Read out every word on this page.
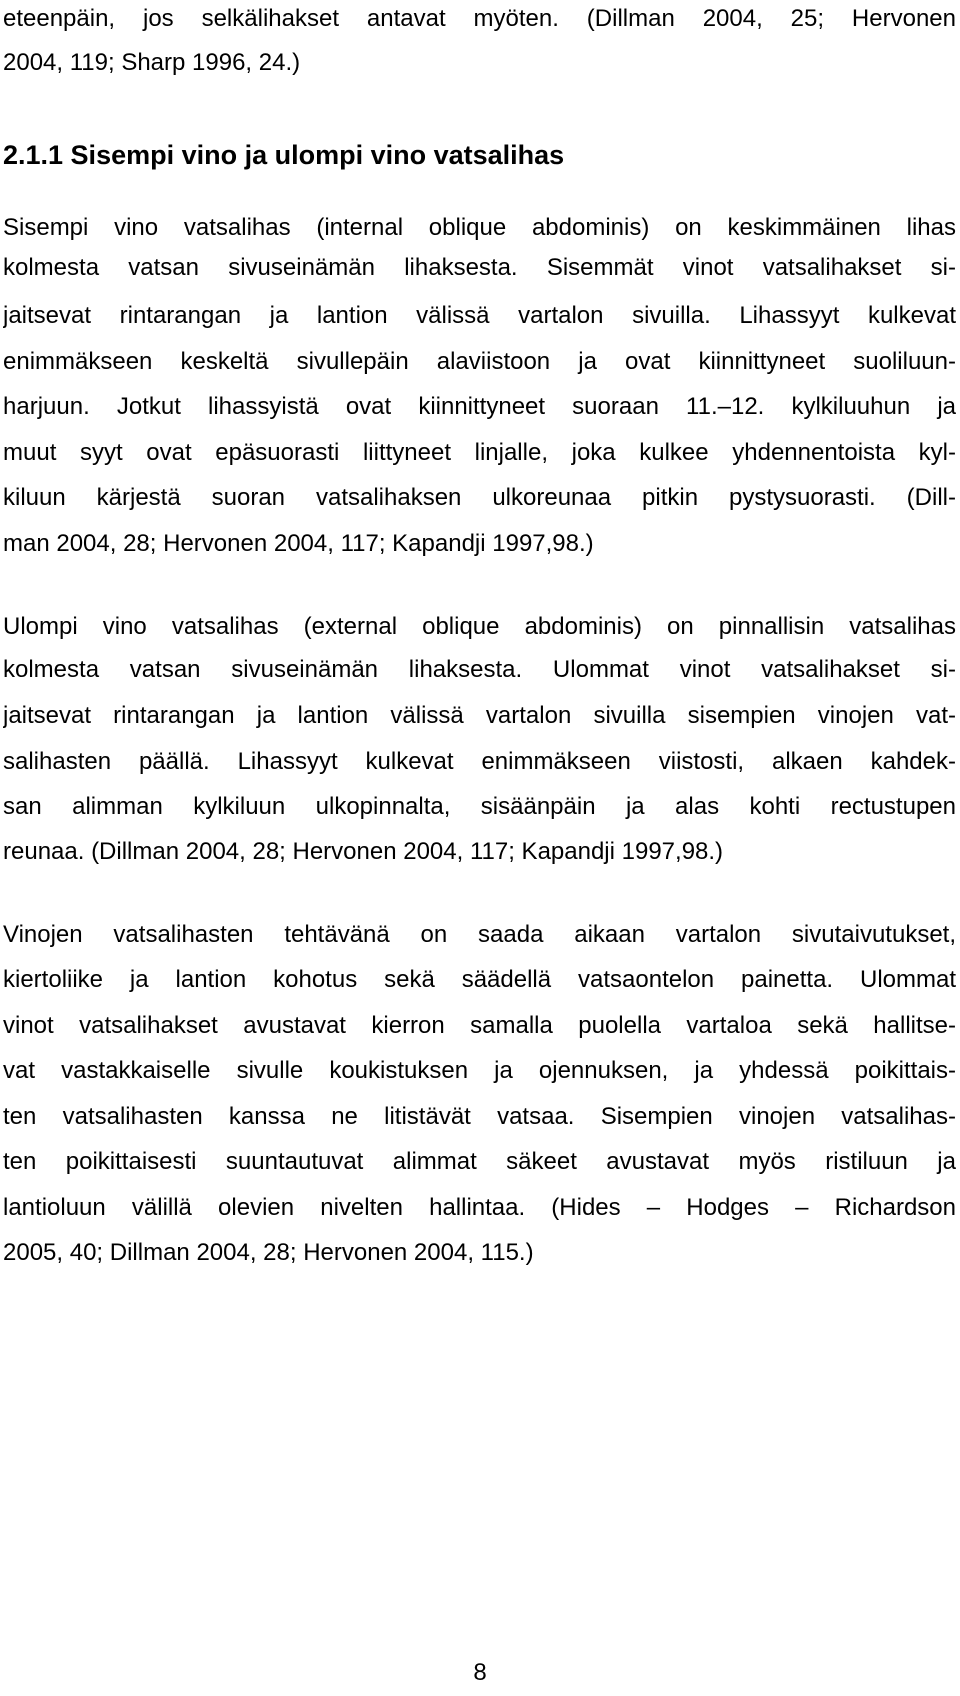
eteenpäin, jos selkälihakset antavat myöten. (Dillman 2004, 25; Hervonen
2004, 119; Sharp 1996, 24.)
2.1.1 Sisempi vino ja ulompi vino vatsalihas
Sisempi vino vatsalihas (internal oblique abdominis) on keskimmäinen lihas
kolmesta vatsan sivuseinämän lihaksesta. Sisemmät vinot vatsalihakset si-
jaitsevat rintarangan ja lantion välissä vartalon sivuilla. Lihassyyt kulkevat
enimmäkseen keskeltä sivullepäin alaviistoon ja ovat kiinnittyneet suoliluun-
harjuun. Jotkut lihassyistä ovat kiinnittyneet suoraan 11.–12. kylkiluuhun ja
muut syyt ovat epäsuorasti liittyneet linjalle, joka kulkee yhdennentoista kyl-
kiluun kärjestä suoran vatsalihaksen ulkoreunaa pitkin pystysuorasti. (Dill-
man 2004, 28; Hervonen 2004, 117; Kapandji 1997,98.)
Ulompi vino vatsalihas (external oblique abdominis) on pinnallisin vatsalihas
kolmesta vatsan sivuseinämän lihaksesta. Ulommat vinot vatsalihakset si-
jaitsevat rintarangan ja lantion välissä vartalon sivuilla sisempien vinojen vat-
salihasten päällä. Lihassyyt kulkevat enimmäkseen viistosti, alkaen kahdek-
san alimman kylkiluun ulkopinnalta, sisäänpäin ja alas kohti rectustupen
reunaa. (Dillman 2004, 28; Hervonen 2004, 117; Kapandji 1997,98.)
Vinojen vatsalihasten tehtävänä on saada aikaan vartalon sivutaivutukset,
kiertoliike ja lantion kohotus sekä säädellä vatsaontelon painetta. Ulommat
vinot vatsalihakset avustavat kierron samalla puolella vartaloa sekä hallitse-
vat vastakkaiselle sivulle koukistuksen ja ojennuksen, ja yhdessä poikittais-
ten vatsalihasten kanssa ne litistävät vatsaa. Sisempien vinojen vatsalihas-
ten poikittaisesti suuntautuvat alimmat säkeet avustavat myös ristiluun ja
lantioluun välillä olevien nivelten hallintaa. (Hides – Hodges – Richardson
2005, 40; Dillman 2004, 28; Hervonen 2004, 115.)
8
